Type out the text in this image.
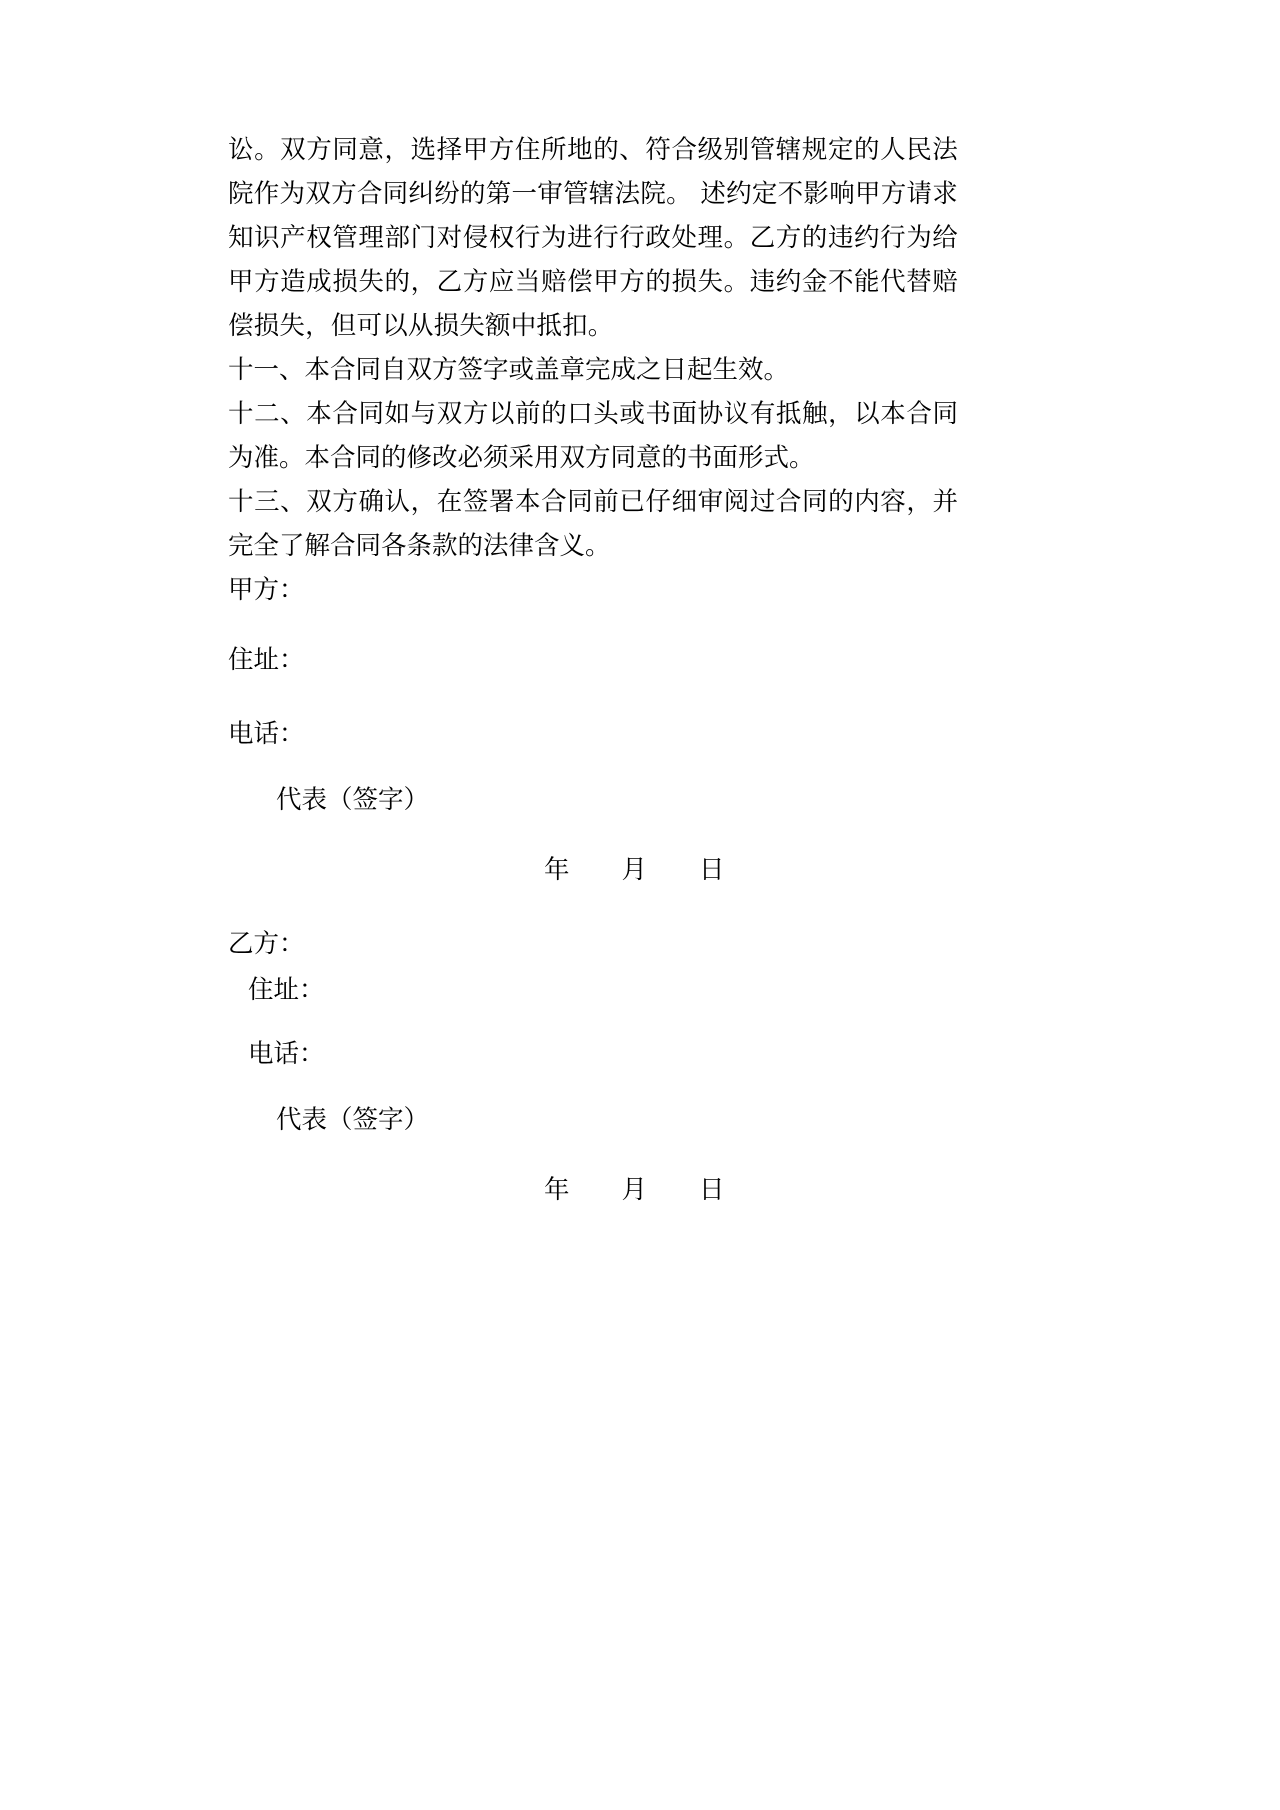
讼。双方同意，选择甲方住所地的、符合级别管辖规定的人民法院作为双方合同纠纷的第一审管辖法院。 述约定不影响甲方请求知识产权管理部门对侵权行为进行行政处理。乙方的违约行为给甲方造成损失的，乙方应当赔偿甲方的损失。违约金不能代替赔偿损失，但可以从损失额中抵扣。

十一、本合同自双方签字或盖章完成之日起生效。

十二、本合同如与双方以前的口头或书面协议有抵触，以本合同为准。本合同的修改必须采用双方同意的书面形式。

十三、双方确认，在签署本合同前已仔细审阅过合同的内容，并完全了解合同各条款的法律含义。

甲方：

住址：

电话：

代表（签字）

年 月 日

乙方：

住址：

电话：

代表（签字）

年 月 日
